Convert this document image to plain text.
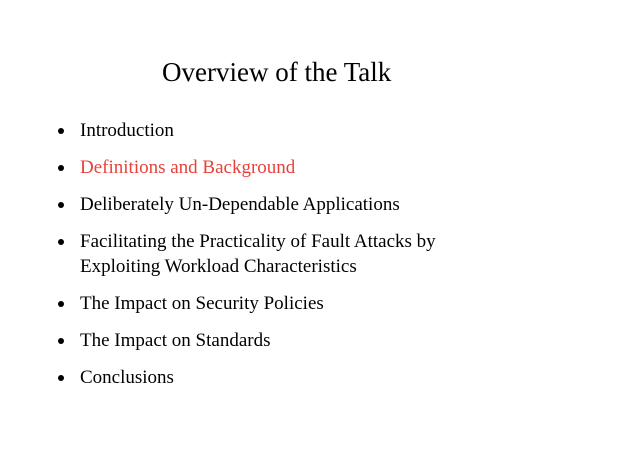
Overview of the Talk
Introduction
Definitions and Background
Deliberately Un-Dependable Applications
Facilitating the Practicality of Fault Attacks by
Exploiting Workload Characteristics
The Impact on Security Policies
The Impact on Standards
Conclusions
